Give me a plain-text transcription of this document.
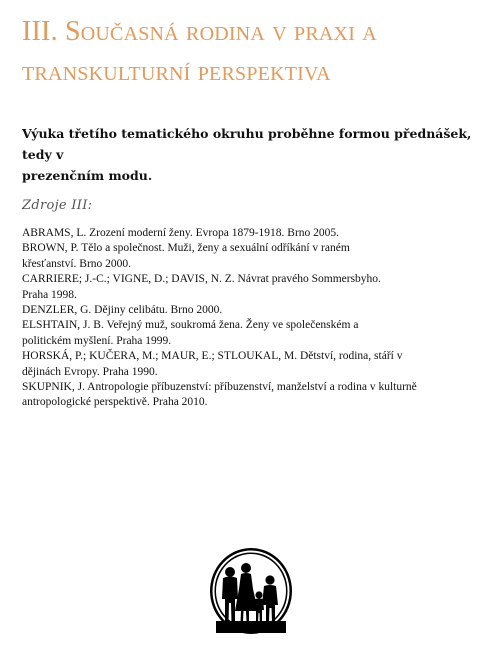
III. Současná rodina v praxi a
transkulturní perspektiva

Výuka třetího tematického okruhu proběhne formou přednášek, tedy v
prezenčním modu.

Zdroje III:

ABRAMS, L. Zrození moderní ženy. Evropa 1879-1918. Brno 2005.
BROWN, P. Tělo a společnost. Muži, ženy a sexuální odříkání v raném
křesťanství. Brno 2000.
CARRIERE; J.-C.; VIGNE, D.; DAVIS, N. Z. Návrat pravého Sommersbyho.
Praha 1998.
DENZLER, G. Dějiny celibátu. Brno 2000.
ELSHTAIN, J. B. Veřejný muž, soukromá žena. Ženy ve společenském a
politickém myšlení. Praha 1999.
HORSKÁ, P.; KUČERA, M.; MAUR, E.; STLOUKAL, M. Dětství, rodina, stáří v
dějinách Evropy. Praha 1990.
SKUPNIK, J. Antropologie příbuzenství: příbuzenství, manželství a rodina v kulturně
antropologické perspektivě. Praha 2010.
